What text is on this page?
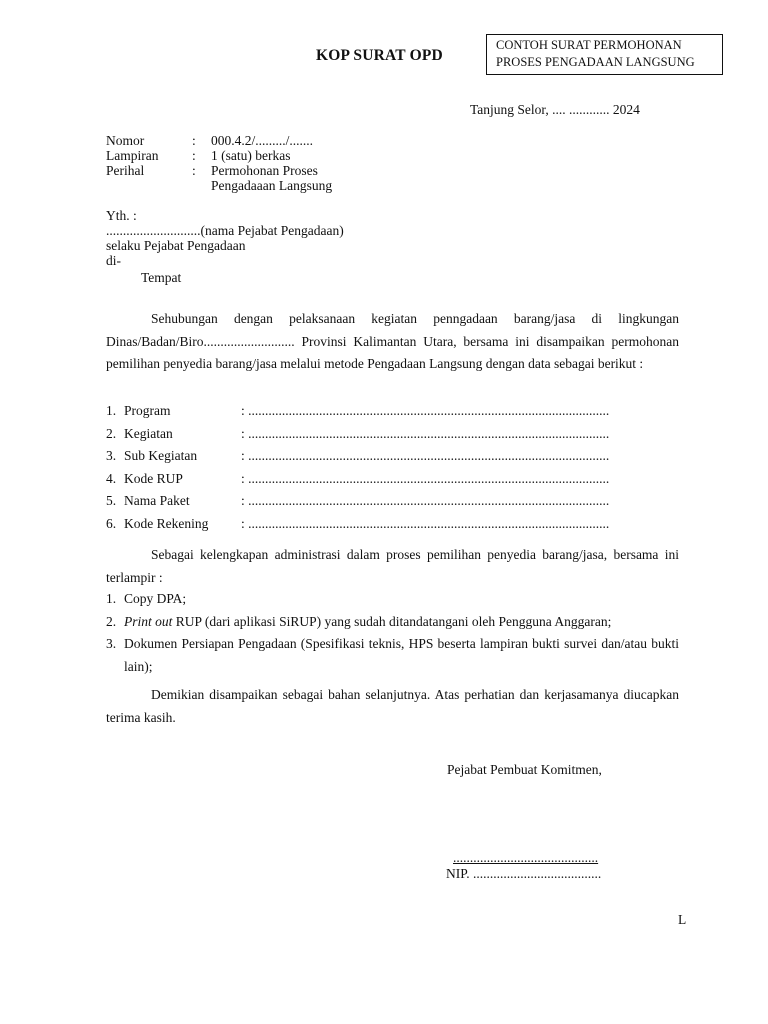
KOP SURAT OPD
CONTOH SURAT PERMOHONAN
PROSES PENGADAAN LANGSUNG
Tanjung Selor, .... ............ 2024
Nomor	: 000.4.2/........./.......
Lampiran : 1 (satu) berkas
Perihal	: Permohonan Proses
Pengadaaan Langsung
Yth. :
............................(nama Pejabat Pengadaan)
selaku Pejabat Pengadaan
di-
Tempat
Sehubungan dengan pelaksanaan kegiatan penngadaan barang/jasa di lingkungan Dinas/Badan/Biro........................... Provinsi Kalimantan Utara, bersama ini disampaikan permohonan pemilihan penyedia barang/jasa melalui metode Pengadaan Langsung dengan data sebagai berikut :
1. Program	: ...........................................................................................................
2. Kegiatan	: ...........................................................................................................
3. Sub Kegiatan	: ...........................................................................................................
4. Kode RUP	: ...........................................................................................................
5. Nama Paket	: ...........................................................................................................
6. Kode Rekening : ...........................................................................................................
Sebagai kelengkapan administrasi dalam proses pemilihan penyedia barang/jasa, bersama ini terlampir :
1. Copy DPA;
2. Print out RUP (dari aplikasi SiRUP) yang sudah ditandatangani oleh Pengguna Anggaran;
3. Dokumen Persiapan Pengadaan (Spesifikasi teknis, HPS beserta lampiran bukti survei dan/atau bukti lain);
Demikian disampaikan sebagai bahan selanjutnya. Atas perhatian dan kerjasamanya diucapkan terima kasih.
Pejabat Pembuat Komitmen,
...........................................
NIP. ......................................
L
